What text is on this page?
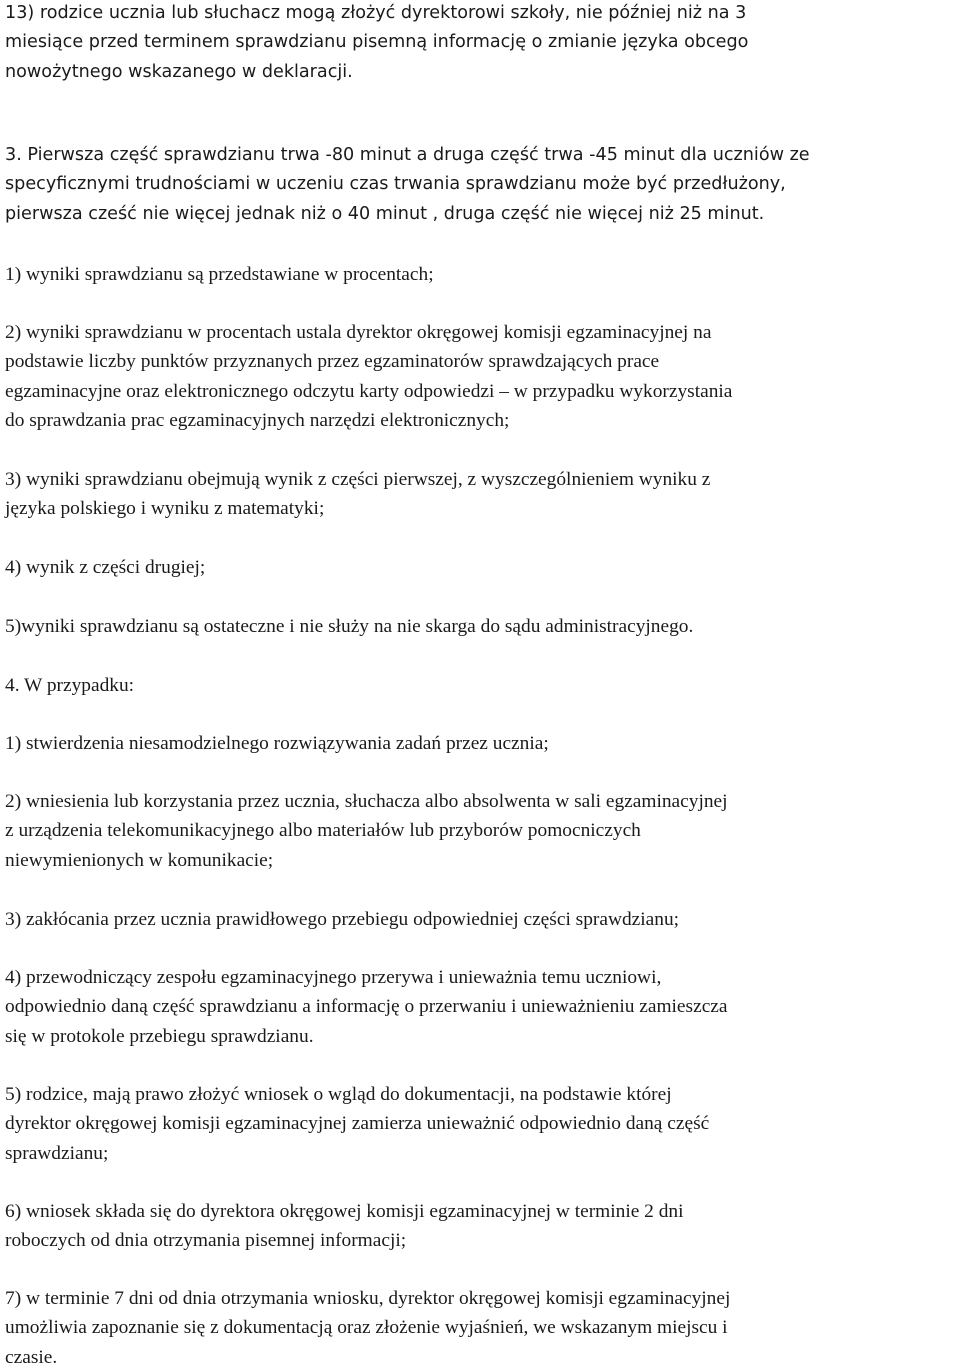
13) rodzice ucznia lub słuchacz mogą złożyć dyrektorowi szkoły, nie później niż na 3
miesiące przed terminem sprawdzianu pisemną informację o zmianie języka obcego
nowożytnego wskazanego w deklaracji.

3. Pierwsza część sprawdzianu trwa -80 minut a druga część trwa -45 minut dla uczniów ze
specyficznymi trudnościami w uczeniu czas trwania sprawdzianu może być przedłużony,
pierwsza cześć nie więcej jednak niż o 40 minut , druga część nie więcej niż 25 minut.

1) wyniki sprawdzianu są przedstawiane w procentach;

2) wyniki sprawdzianu w procentach ustala dyrektor okręgowej komisji egzaminacyjnej na
podstawie liczby punktów przyznanych przez egzaminatorów sprawdzających prace
egzaminacyjne oraz elektronicznego odczytu karty odpowiedzi – w przypadku wykorzystania
do sprawdzania prac egzaminacyjnych narzędzi elektronicznych;

3) wyniki sprawdzianu obejmują wynik z części pierwszej, z wyszczególnieniem wyniku z
języka polskiego i wyniku z matematyki;

4) wynik z części drugiej;

5)wyniki sprawdzianu są ostateczne i nie służy na nie skarga do sądu administracyjnego.

4. W przypadku:

1) stwierdzenia niesamodzielnego rozwiązywania zadań przez ucznia;

2) wniesienia lub korzystania przez ucznia, słuchacza albo absolwenta w sali egzaminacyjnej
z urządzenia telekomunikacyjnego albo materiałów lub przyborów pomocniczych
niewymienionych w komunikacie;

3) zakłócania przez ucznia prawidłowego przebiegu odpowiedniej części sprawdzianu;

4) przewodniczący zespołu egzaminacyjnego przerywa i unieważnia temu uczniowi,
odpowiednio daną część sprawdzianu a informację o przerwaniu i unieważnieniu zamieszcza
się w protokole przebiegu sprawdzianu.

5) rodzice, mają prawo złożyć wniosek o wgląd do dokumentacji, na podstawie której
dyrektor okręgowej komisji egzaminacyjnej zamierza unieważnić odpowiednio daną część
sprawdzianu;

6) wniosek składa się do dyrektora okręgowej komisji egzaminacyjnej w terminie 2 dni
roboczych od dnia otrzymania pisemnej informacji;

7) w terminie 7 dni od dnia otrzymania wniosku, dyrektor okręgowej komisji egzaminacyjnej
umożliwia zapoznanie się z dokumentacją oraz złożenie wyjaśnień, we wskazanym miejscu i
czasie.
